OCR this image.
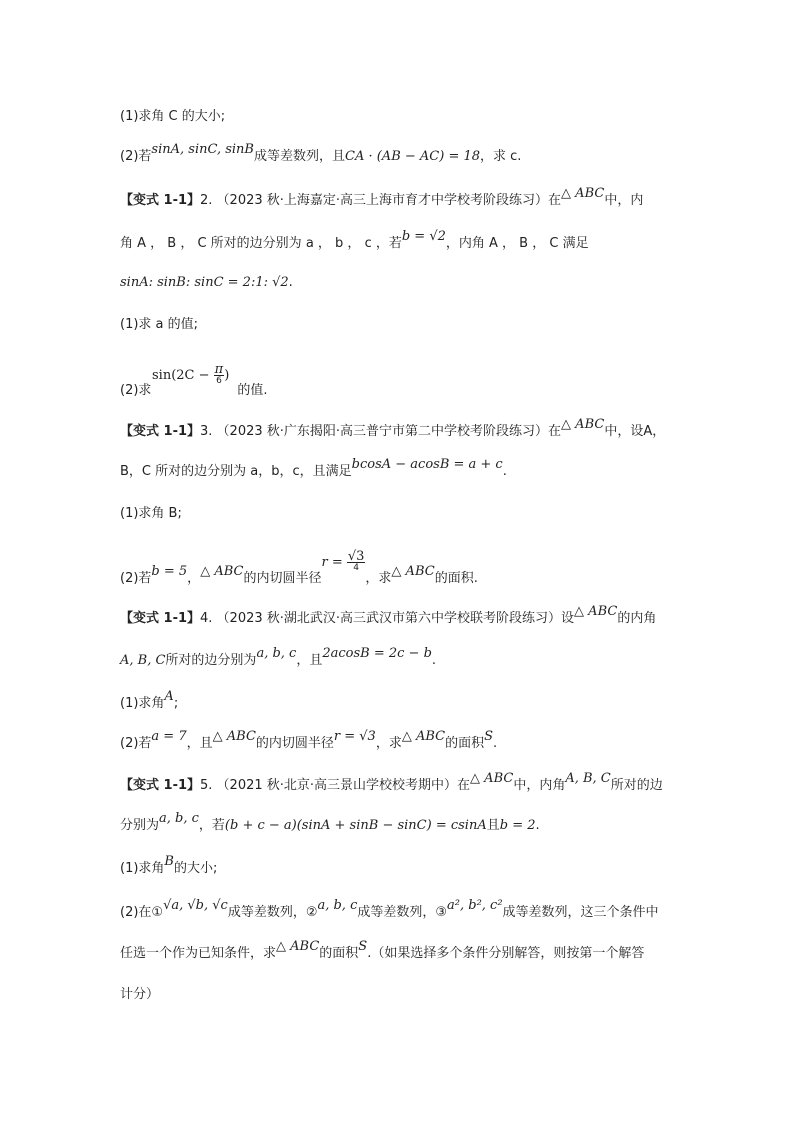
(1)求角 C 的大小;
(2)若sinA, sinC, sinB成等差数列，且CA · (AB − AC) = 18，求 c.
【变式 1-1】2. （2023 秋·上海嘉定·高三上海市育才中学校考阶段练习）在△ ABC中，内
角 A ， B ， C 所对的边分别为 a ， b ， c ，若b = √2，内角 A ， B ， C 满足
sinA: sinB: sinC = 2:1: √2.
(1)求 a 的值;
$\sin(2C - \frac{\pi}{6}$ )
(2)求	的值.
【变式 1-1】3. （2023 秋·广东揭阳·高三普宁市第二中学校考阶段练习）在△ ABC中，设A，
B，C 所对的边分别为 a，b，c，且满足bcosA − acosB = a + c.
(1)求角 B;
(2)若b = 5，△ ABC的内切圆半径$r = \frac{√3}{4}$
，求△ ABC的面积.
【变式 1-1】4. （2023 秋·湖北武汉·高三武汉市第六中学校联考阶段练习）设△ ABC的内角
A, B, C所对的边分别为a, b, c，且2acosB = 2c − b.
(1)求角A;
(2)若a = 7，且△ ABC的内切圆半径r = √3，求△ ABC的面积S.
【变式 1-1】5. （2021 秋·北京·高三景山学校校考期中）在△ ABC中，内角A, B, C所对的边
分别为a, b, c，若(b + c − a)(sinA + sinB − sinC) = csinA且b = 2.
(1)求角B的大小;
(2)在①√a, √b, √c成等差数列，②a, b, c成等差数列，③a², b², c²成等差数列，这三个条件中
任选一个作为已知条件，求△ ABC的面积S.（如果选择多个条件分别解答，则按第一个解答
计分）
